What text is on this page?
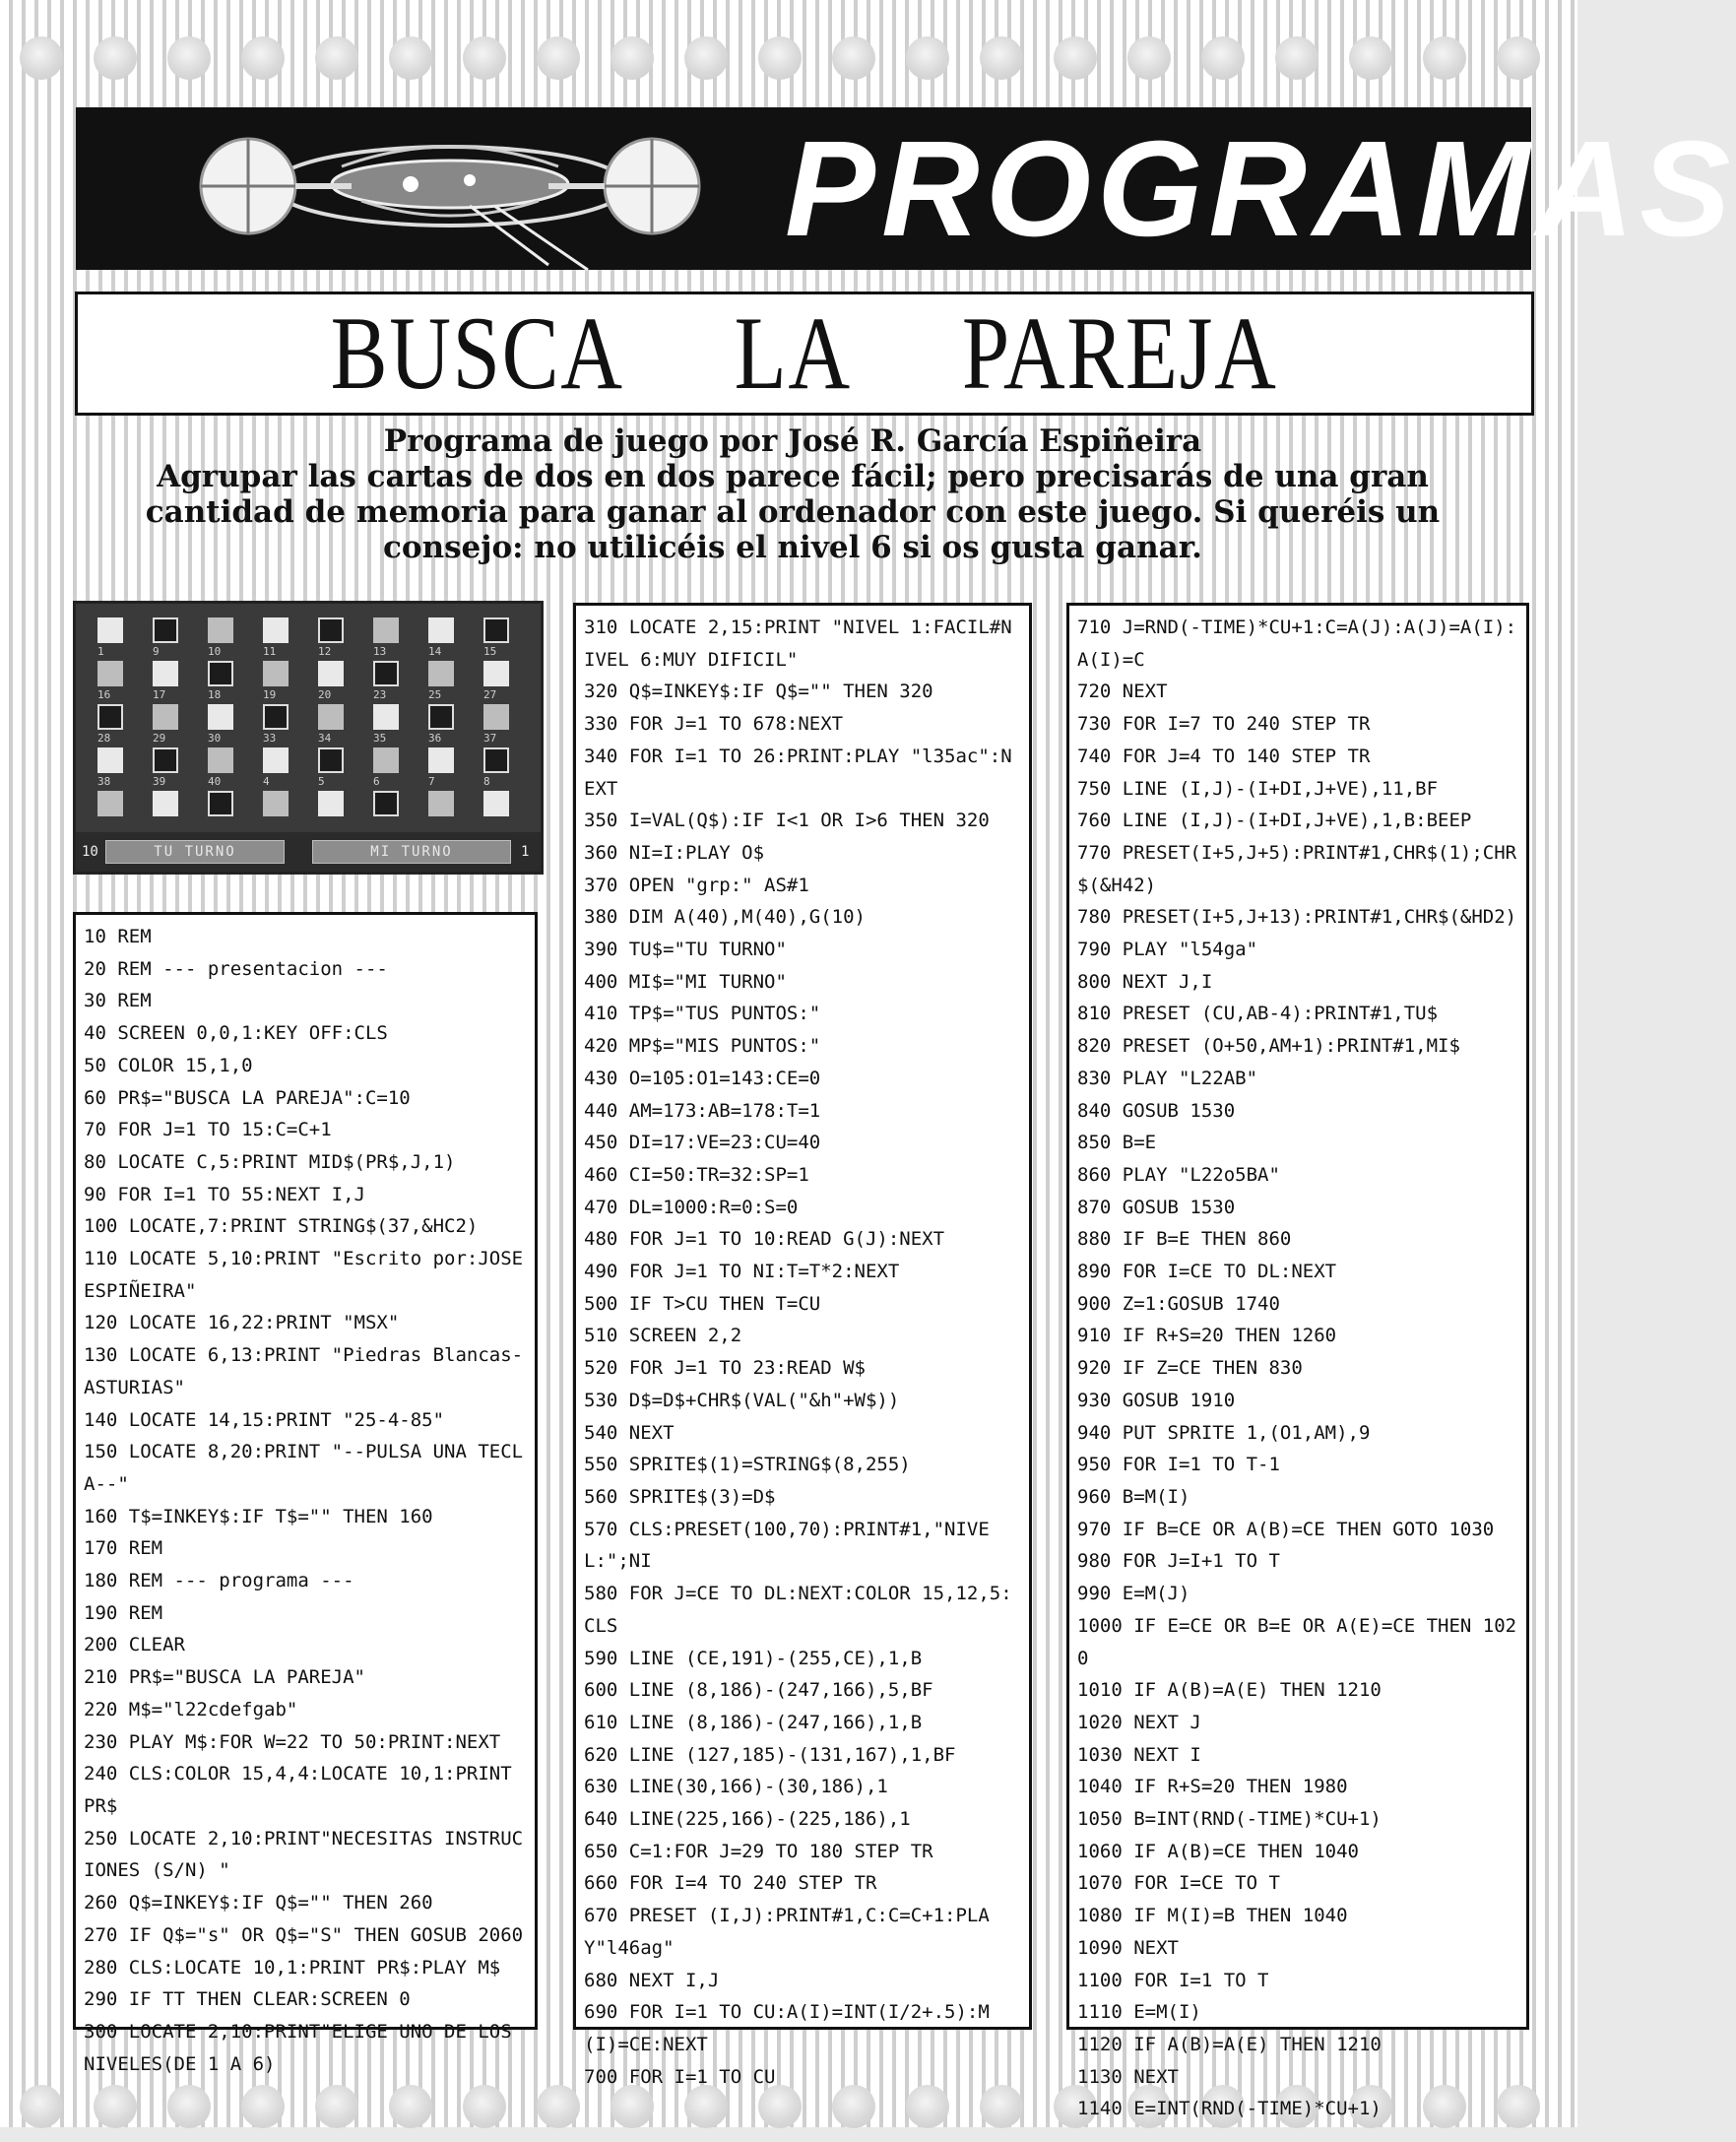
PROGRAMAS
BUSCA     LA     PAREJA
Programa de juego por José R. García Espiñeira
Agrupar las cartas de dos en dos parece fácil; pero precisarás de una gran cantidad de memoria para ganar al ordenador con este juego. Si queréis un consejo: no utilicéis el nivel 6 si os gusta ganar.
10	TU TURNO	MI TURNO	1
1	9	10	11	12	13	14	15
16	17	18	19	20	23	25	27
28	29	30	33	34	35	36	37
38	39	40	4	5	6	7	8

10 REM

20 REM --- presentacion ---

30 REM

40 SCREEN 0,0,1:KEY OFF:CLS

50 COLOR 15,1,0

60 PR$="BUSCA LA PAREJA":C=10

70 FOR J=1 TO 15:C=C+1

80 LOCATE C,5:PRINT MID$(PR$,J,1)

90 FOR I=1 TO 55:NEXT I,J

100 LOCATE,7:PRINT STRING$(37,&HC2)

110 LOCATE 5,10:PRINT "Escrito por:JOSE ESPIÑEIRA"

120 LOCATE 16,22:PRINT "MSX"

130 LOCATE 6,13:PRINT "Piedras Blancas-ASTURIAS"

140 LOCATE 14,15:PRINT "25-4-85"

150 LOCATE 8,20:PRINT "--PULSA UNA TECLA--"

160 T$=INKEY$:IF T$="" THEN 160

170 REM

180 REM --- programa ---

190 REM

200 CLEAR

210 PR$="BUSCA LA PAREJA"

220 M$="l22cdefgab"

230 PLAY M$:FOR W=22 TO 50:PRINT:NEXT

240 CLS:COLOR 15,4,4:LOCATE 10,1:PRINT PR$

250 LOCATE 2,10:PRINT"NECESITAS INSTRUCIONES (S/N) "

260 Q$=INKEY$:IF Q$="" THEN 260

270 IF Q$="s" OR Q$="S" THEN GOSUB 2060

280 CLS:LOCATE 10,1:PRINT PR$:PLAY M$

290 IF TT THEN CLEAR:SCREEN 0

300 LOCATE 2,10:PRINT"ELIGE UNO DE LOS NIVELES(DE 1 A 6)

310 LOCATE 2,15:PRINT "NIVEL 1:FACIL#NIVEL 6:MUY DIFICIL"

320 Q$=INKEY$:IF Q$="" THEN 320

330 FOR J=1 TO 678:NEXT

340 FOR I=1 TO 26:PRINT:PLAY "l35ac":NEXT

350 I=VAL(Q$):IF I<1 OR I>6 THEN 320

360 NI=I:PLAY O$

370 OPEN "grp:" AS#1

380 DIM A(40),M(40),G(10)

390 TU$="TU TURNO"

400 MI$="MI TURNO"

410 TP$="TUS PUNTOS:"

420 MP$="MIS PUNTOS:"

430 O=105:O1=143:CE=0

440 AM=173:AB=178:T=1

450 DI=17:VE=23:CU=40

460 CI=50:TR=32:SP=1

470 DL=1000:R=0:S=0

480 FOR J=1 TO 10:READ G(J):NEXT

490 FOR J=1 TO NI:T=T*2:NEXT

500 IF T>CU THEN T=CU

510 SCREEN 2,2

520 FOR J=1 TO 23:READ W$

530 D$=D$+CHR$(VAL("&h"+W$))

540 NEXT

550 SPRITE$(1)=STRING$(8,255)

560 SPRITE$(3)=D$

570 CLS:PRESET(100,70):PRINT#1,"NIVEL:";NI

580 FOR J=CE TO DL:NEXT:COLOR 15,12,5:CLS

590 LINE (CE,191)-(255,CE),1,B

600 LINE (8,186)-(247,166),5,BF

610 LINE (8,186)-(247,166),1,B

620 LINE (127,185)-(131,167),1,BF

630 LINE(30,166)-(30,186),1

640 LINE(225,166)-(225,186),1

650 C=1:FOR J=29 TO 180 STEP TR

660 FOR I=4 TO 240 STEP TR

670 PRESET (I,J):PRINT#1,C:C=C+1:PLAY"l46ag"

680 NEXT I,J

690 FOR I=1 TO CU:A(I)=INT(I/2+.5):M(I)=CE:NEXT

700 FOR I=1 TO CU

710 J=RND(-TIME)*CU+1:C=A(J):A(J)=A(I):A(I)=C

720 NEXT

730 FOR I=7 TO 240 STEP TR

740 FOR J=4 TO 140 STEP TR

750 LINE (I,J)-(I+DI,J+VE),11,BF

760 LINE (I,J)-(I+DI,J+VE),1,B:BEEP

770 PRESET(I+5,J+5):PRINT#1,CHR$(1);CHR$(&H42)

780 PRESET(I+5,J+13):PRINT#1,CHR$(&HD2)

790 PLAY "l54ga"

800 NEXT J,I

810 PRESET (CU,AB-4):PRINT#1,TU$

820 PRESET (O+50,AM+1):PRINT#1,MI$

830 PLAY "L22AB"

840 GOSUB 1530

850 B=E

860 PLAY "L22o5BA"

870 GOSUB 1530

880 IF B=E THEN 860

890 FOR I=CE TO DL:NEXT

900 Z=1:GOSUB 1740

910 IF R+S=20 THEN 1260

920 IF Z=CE THEN 830

930 GOSUB 1910

940 PUT SPRITE 1,(O1,AM),9

950 FOR I=1 TO T-1

960 B=M(I)

970 IF B=CE OR A(B)=CE THEN GOTO 1030

980 FOR J=I+1 TO T

990 E=M(J)

1000 IF E=CE OR B=E OR A(E)=CE THEN 1020

1010 IF A(B)=A(E) THEN 1210

1020 NEXT J

1030 NEXT I

1040 IF R+S=20 THEN 1980

1050 B=INT(RND(-TIME)*CU+1)

1060 IF A(B)=CE THEN 1040

1070 FOR I=CE TO T

1080 IF M(I)=B THEN 1040

1090 NEXT

1100 FOR I=1 TO T

1110 E=M(I)

1120 IF A(B)=A(E) THEN 1210

1130 NEXT

1140 E=INT(RND(-TIME)*CU+1)
